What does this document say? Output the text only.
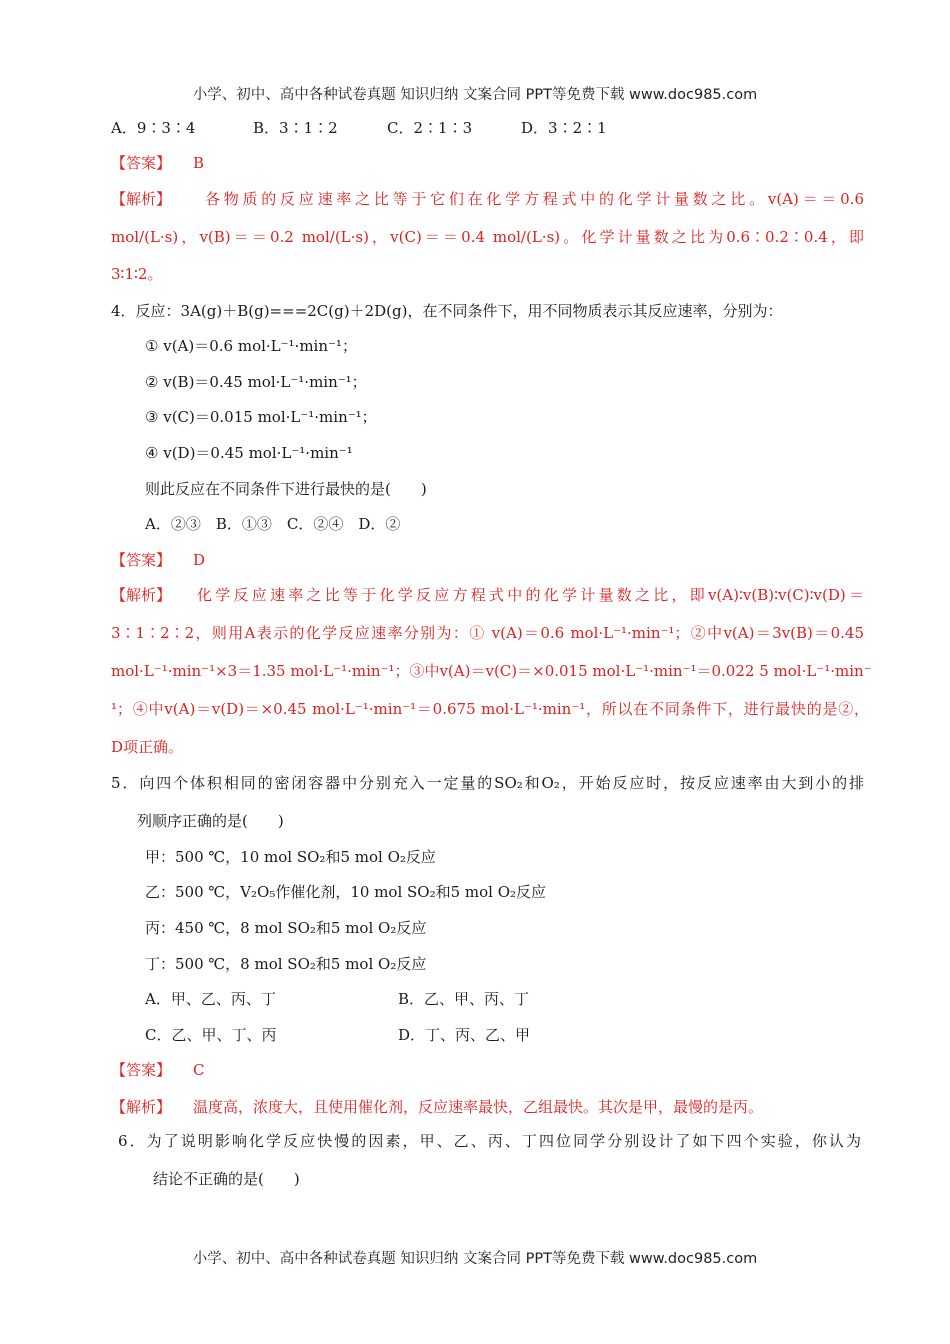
小学、初中、高中各种试卷真题 知识归纳 文案合同 PPT等免费下载 www.doc985.com
A．9∶3∶4	B．3∶1∶2	C．2∶1∶3	D．3∶2∶1
【答案】 B
【解析】 各物质的反应速率之比等于它们在化学方程式中的化学计量数之比。v(A)＝＝0.6
mol/(L·s)，v(B)＝＝0.2 mol/(L·s)，v(C)＝＝0.4 mol/(L·s)。化学计量数之比为0.6∶0.2∶0.4，即
3∶1∶2。
4．反应：3A(g)＋B(g)===2C(g)＋2D(g)，在不同条件下，用不同物质表示其反应速率，分别为：
① v(A)＝0.6 mol·L⁻¹·min⁻¹；
② v(B)＝0.45 mol·L⁻¹·min⁻¹；
③ v(C)＝0.015 mol·L⁻¹·min⁻¹；
④ v(D)＝0.45 mol·L⁻¹·min⁻¹
则此反应在不同条件下进行最快的是(　　)
A．②③　B．①③　C．②④　D．②
【答案】 D
【解析】 化学反应速率之比等于化学反应方程式中的化学计量数之比，即v(A)∶v(B)∶v(C)∶v(D)＝
3∶1∶2∶2，则用A表示的化学反应速率分别为：① v(A)＝0.6 mol·L⁻¹·min⁻¹；②中v(A)＝3v(B)＝0.45
mol·L⁻¹·min⁻¹×3＝1.35 mol·L⁻¹·min⁻¹；③中v(A)＝v(C)＝×0.015 mol·L⁻¹·min⁻¹＝0.022 5 mol·L⁻¹·min⁻
¹；④中v(A)＝v(D)＝×0.45 mol·L⁻¹·min⁻¹＝0.675 mol·L⁻¹·min⁻¹，所以在不同条件下，进行最快的是②，
D项正确。
5．向四个体积相同的密闭容器中分别充入一定量的SO₂和O₂，开始反应时，按反应速率由大到小的排
列顺序正确的是(　　)
甲：500 ℃，10 mol SO₂和5 mol O₂反应
乙：500 ℃，V₂O₅作催化剂，10 mol SO₂和5 mol O₂反应
丙：450 ℃，8 mol SO₂和5 mol O₂反应
丁：500 ℃，8 mol SO₂和5 mol O₂反应
A．甲、乙、丙、丁	B．乙、甲、丙、丁
C．乙、甲、丁、丙	D．丁、丙、乙、甲
【答案】 C
【解析】 温度高，浓度大，且使用催化剂，反应速率最快，乙组最快。其次是甲，最慢的是丙。
6．为了说明影响化学反应快慢的因素，甲、乙、丙、丁四位同学分别设计了如下四个实验，你认为
结论不正确的是(　　)
小学、初中、高中各种试卷真题 知识归纳 文案合同 PPT等免费下载 www.doc985.com
